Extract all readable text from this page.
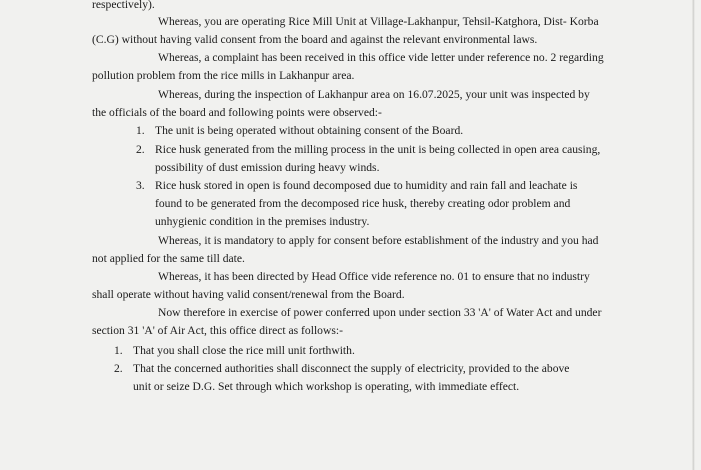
respectively).
Whereas, you are operating Rice Mill Unit at Village-Lakhanpur, Tehsil-Katghora, Dist- Korba
(C.G) without having valid consent from the board and against the relevant environmental laws.
Whereas, a complaint has been received in this office vide letter under reference no. 2 regarding
pollution problem from the rice mills in Lakhanpur area.
Whereas, during the inspection of Lakhanpur area on 16.07.2025, your unit was inspected by
the officials of the board and following points were observed:-
1. The unit is being operated without obtaining consent of the Board.
2. Rice husk generated from the milling process in the unit is being collected in open area causing,
possibility of dust emission during heavy winds.
3. Rice husk stored in open is found decomposed due to humidity and rain fall and leachate is
found to be generated from the decomposed rice husk, thereby creating odor problem and
unhygienic condition in the premises industry.
Whereas, it is mandatory to apply for consent before establishment of the industry and you had
not applied for the same till date.
Whereas, it has been directed by Head Office vide reference no. 01 to ensure that no industry
shall operate without having valid consent/renewal from the Board.
Now therefore in exercise of power conferred upon under section 33 'A' of Water Act and under
section 31 'A' of Air Act, this office direct as follows:-
1. That you shall close the rice mill unit forthwith.
2. That the concerned authorities shall disconnect the supply of electricity, provided to the above
unit or seize D.G. Set through which workshop is operating, with immediate effect.
